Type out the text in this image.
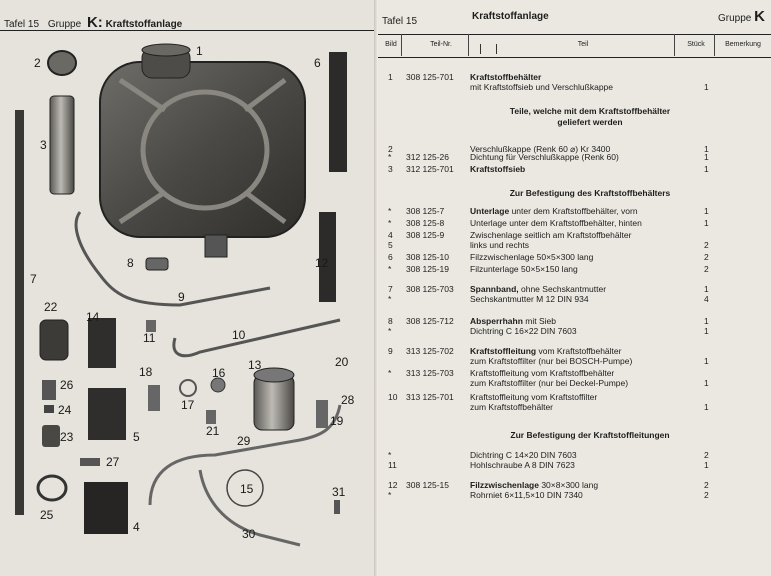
Tafel 15 Gruppe K: Kraftstoffanlage
1
2
3
4
5
6
7
8
9
10
11
12
13
14
15
16
17
18
19
20
21
22
23
24
25
26
27
28
29
30
31
Tafel 15	Kraftstoffanlage	Gruppe K
Bild	Teil-Nr.	Teil	Stück	Bemerkung
1 308 125-701 Kraftstoffbehälter
mit Kraftstoffsieb und Verschlußkappe	1
Teile, welche mit dem Kraftstoffbehälter
geliefert werden
2	Verschlußkappe (Renk 60 ⌀) Kr 3400	1
* 312 125-26 Dichtung für Verschlußkappe (Renk 60)	1
3 312 125-701 Kraftstoffsieb	1
Zur Befestigung des Kraftstoffbehälters
* 308 125-7	Unterlage unter dem Kraftstoffbehälter, vorn	1
* 308 125-8	Unterlage unter dem Kraftstoffbehälter, hinten	1
4 308 125-9	Zwischenlage seitlich am Kraftstoffbehälter
5	links und rechts	2
6 308 125-10 Filzzwischenlage 50×5×300 lang	2
* 308 125-19 Filzunterlage 50×5×150 lang	2
7 308 125-703 Spannband, ohne Sechskantmutter	1
*	Sechskantmutter M 12 DIN 934	4
8 308 125-712 Absperrhahn mit Sieb	1
*	Dichtring C 16×22 DIN 7603	1
9 313 125-702 Kraftstoffleitung vom Kraftstoffbehälter
zum Kraftstoffilter (nur bei BOSCH-Pumpe)	1
* 313 125-703 Kraftstoffleitung vom Kraftstoffbehälter
zum Kraftstoffilter (nur bei Deckel-Pumpe)	1
10 313 125-701 Kraftstoffleitung vom Kraftstoffilter
zum Kraftstoffbehälter	1
Zur Befestigung der Kraftstoffleitungen
*	Dichtring C 14×20 DIN 7603	2
11	Hohlschraube A 8 DIN 7623	1
12 308 125-15 Filzzwischenlage 30×8×300 lang	2
*	Rohrniet 6×11,5×10 DIN 7340	2
